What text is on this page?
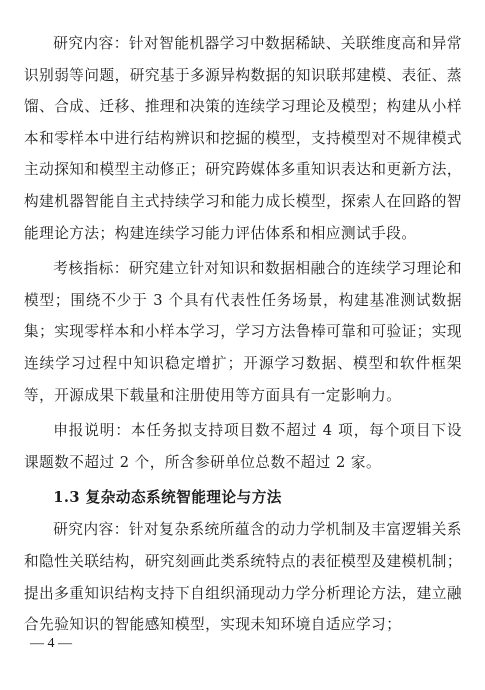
研究内容：针对智能机器学习中数据稀缺、关联维度高和异常识别弱等问题，研究基于多源异构数据的知识联邦建模、表征、蒸馏、合成、迁移、推理和决策的连续学习理论及模型；构建从小样本和零样本中进行结构辨识和挖掘的模型，支持模型对不规律模式主动探知和模型主动修正；研究跨媒体多重知识表达和更新方法，构建机器智能自主式持续学习和能力成长模型，探索人在回路的智能理论方法；构建连续学习能力评估体系和相应测试手段。

考核指标：研究建立针对知识和数据相融合的连续学习理论和模型；围绕不少于 3 个具有代表性任务场景，构建基准测试数据集；实现零样本和小样本学习，学习方法鲁棒可靠和可验证；实现连续学习过程中知识稳定增扩；开源学习数据、模型和软件框架等，开源成果下载量和注册使用等方面具有一定影响力。

申报说明：本任务拟支持项目数不超过 4 项，每个项目下设课题数不超过 2 个，所含参研单位总数不超过 2 家。

1.3 复杂动态系统智能理论与方法

研究内容：针对复杂系统所蕴含的动力学机制及丰富逻辑关系和隐性关联结构，研究刻画此类系统特点的表征模型及建模机制；提出多重知识结构支持下自组织涌现动力学分析理论方法，建立融合先验知识的智能感知模型，实现未知环境自适应学习；

— 4 —
